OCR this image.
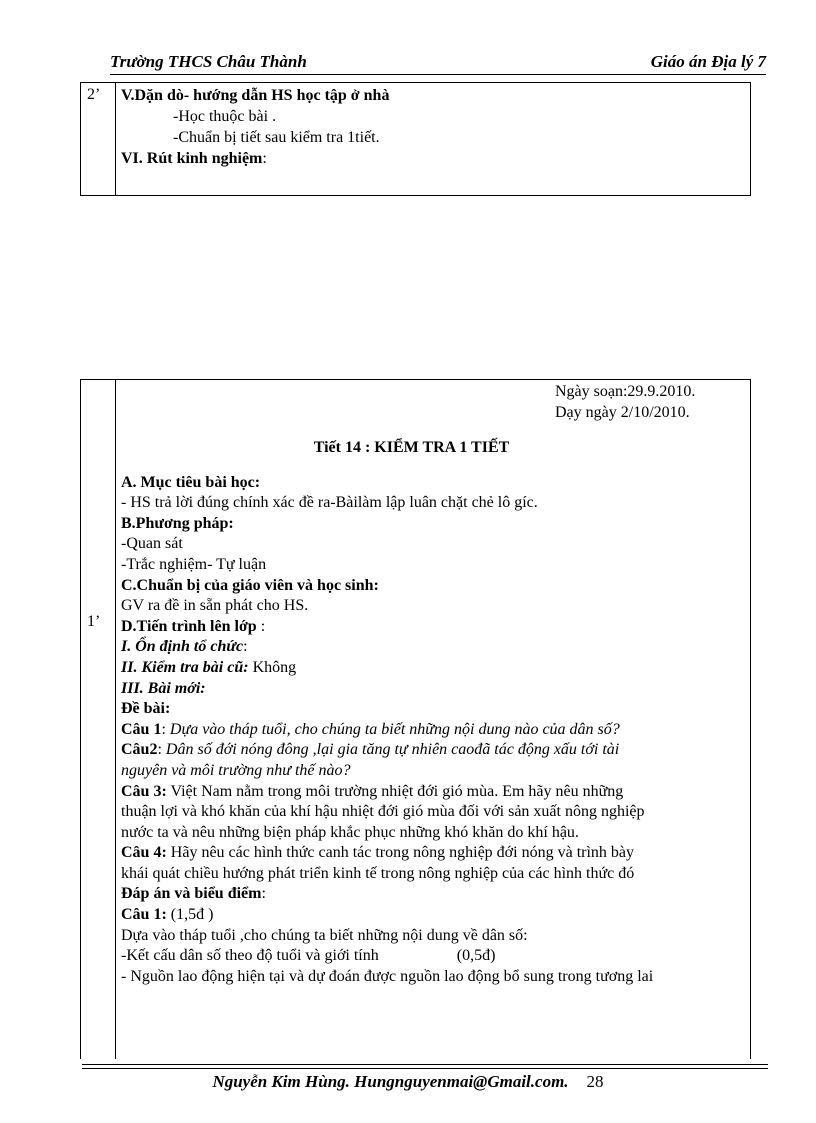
Trường THCS Châu Thành	Giáo án Địa lý 7
2’ V.Dặn dò- hướng dẫn HS học tập ở nhà

-Học thuộc bài .

-Chuẩn bị tiết sau kiểm tra 1tiết.

VI. Rút kinh nghiệm:

1’

Ngày soạn:29.9.2010.

Dạy ngày 2/10/2010.

Tiết 14 : KIỂM TRA 1 TIẾT

A. Mục tiêu bài học:

- HS trả lời đúng chính xác đề ra-Bàilàm lập luân chặt chẻ lô gíc.

B.Phương pháp:

-Quan sát

-Trắc nghiệm- Tự luận

C.Chuẩn bị của giáo viên và học sinh:

GV ra đề in sẵn phát cho HS.

D.Tiến trình lên lớp :

I. Ổn định tổ chức:

II. Kiểm tra bài cũ: Không

III. Bài mới:

Đề bài:

Câu 1: Dựa vào tháp tuổi, cho chúng ta biết những nội dung nào của dân số?

Câu2: Dân số đới nóng đông ,lại gia tăng tự nhiên caođã tác động xấu tới tài

nguyên và môi trường như thế nào?

Câu 3: Việt Nam nằm trong môi trường nhiệt đới gió mùa. Em hãy nêu những

thuận lợi và khó khăn của khí hậu nhiệt đới gió mùa đối với sản xuất nông nghiệp

nước ta và nêu những biện pháp khắc phục những khó khăn do khí hậu.

Câu 4: Hãy nêu các hình thức canh tác trong nông nghiệp đới nóng và trình bày

khái quát chiều hướng phát triển kinh tế trong nông nghiệp của các hình thức đó

Đáp án và biểu điểm:

Câu 1: (1,5đ )

Dựa vào tháp tuổi ,cho chúng ta biết những nội dung về dân số:

-Kết cấu dân số theo độ tuổi và giới tính	(0,5đ)

- Nguồn lao động hiện tại và dự đoán được nguồn lao động bổ sung trong tương lai

Nguyễn Kim Hùng. Hungnguyenmai@Gmail.com. 28
